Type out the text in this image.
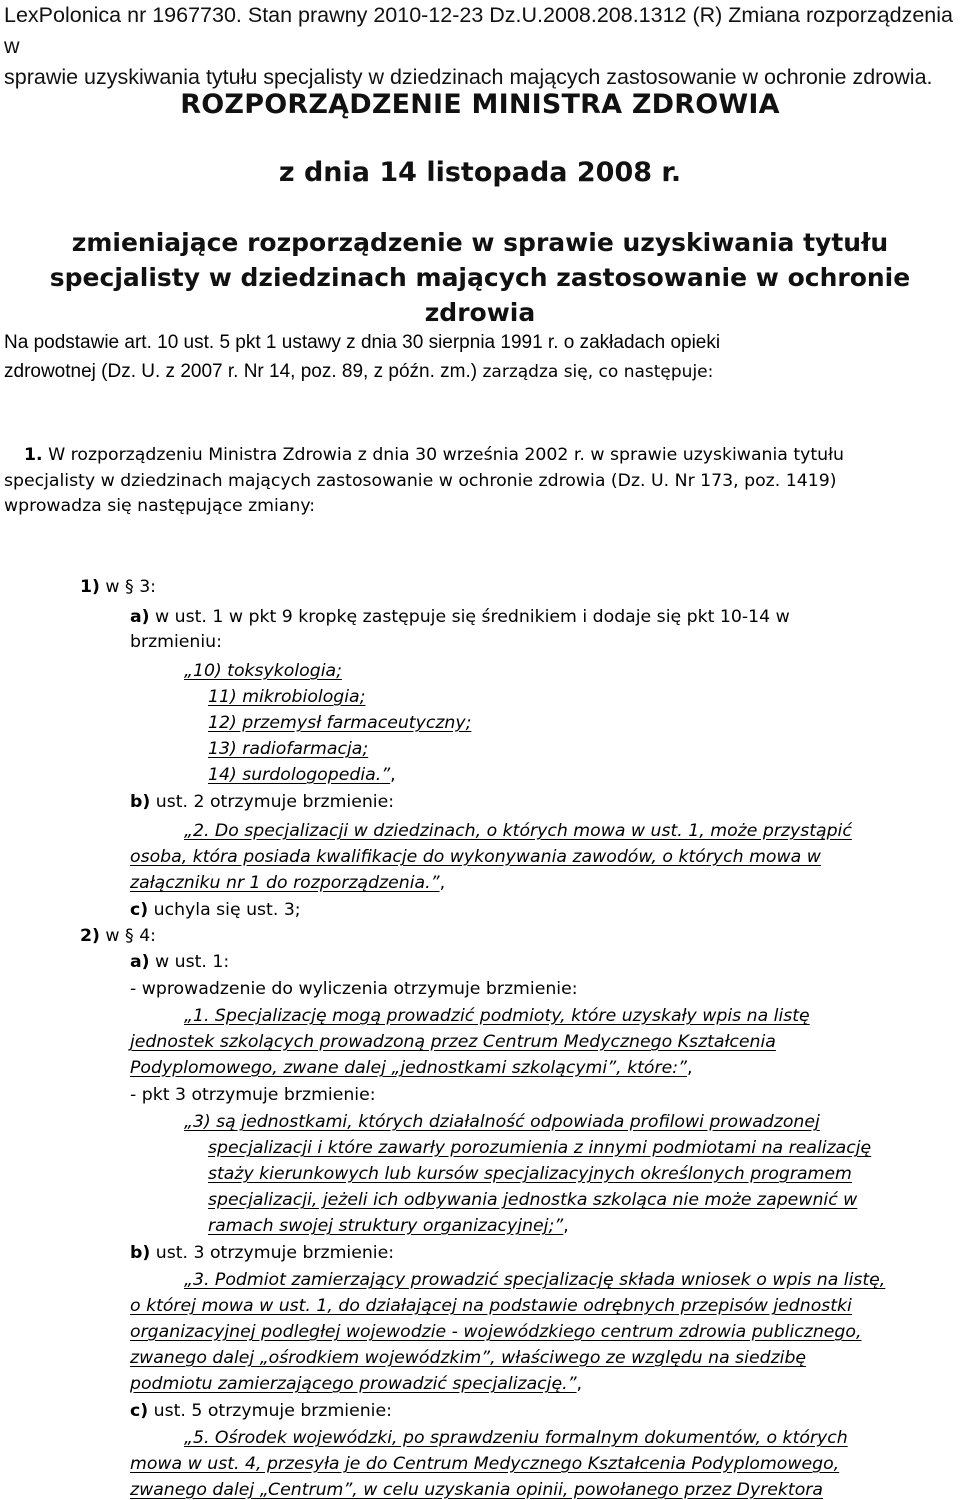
LexPolonica nr 1967730. Stan prawny 2010-12-23 Dz.U.2008.208.1312 (R) Zmiana rozporządzenia w
sprawie uzyskiwania tytułu specjalisty w dziedzinach mających zastosowanie w ochronie zdrowia.
ROZPORZĄDZENIE MINISTRA ZDROWIA
z dnia 14 listopada 2008 r.
zmieniające rozporządzenie w sprawie uzyskiwania tytułu
specjalisty w dziedzinach mających zastosowanie w ochronie
zdrowia
Na podstawie art. 10 ust. 5 pkt 1 ustawy z dnia 30 sierpnia 1991 r. o zakładach opieki
zdrowotnej (Dz. U. z 2007 r. Nr 14, poz. 89, z późn. zm.) zarządza się, co następuje:
1. W rozporządzeniu Ministra Zdrowia z dnia 30 września 2002 r. w sprawie uzyskiwania tytułu
specjalisty w dziedzinach mających zastosowanie w ochronie zdrowia (Dz. U. Nr 173, poz. 1419)
wprowadza się następujące zmiany:
1) w § 3:
a) w ust. 1 w pkt 9 kropkę zastępuje się średnikiem i dodaje się pkt 10-14 w
brzmieniu:
„10) toksykologia;
11) mikrobiologia;
12) przemysł farmaceutyczny;
13) radiofarmacja;
14) surdologopedia.”,
b) ust. 2 otrzymuje brzmienie:
„2. Do specjalizacji w dziedzinach, o których mowa w ust. 1, może przystąpić
osoba, która posiada kwalifikacje do wykonywania zawodów, o których mowa w
załączniku nr 1 do rozporządzenia.”,
c) uchyla się ust. 3;
2) w § 4:
a) w ust. 1:
- wprowadzenie do wyliczenia otrzymuje brzmienie:
„1. Specjalizację mogą prowadzić podmioty, które uzyskały wpis na listę
jednostek szkolących prowadzoną przez Centrum Medycznego Kształcenia
Podyplomowego, zwane dalej „jednostkami szkolącymi”, które:”,
- pkt 3 otrzymuje brzmienie:
„3) są jednostkami, których działalność odpowiada profilowi prowadzonej
specjalizacji i które zawarły porozumienia z innymi podmiotami na realizację
staży kierunkowych lub kursów specjalizacyjnych określonych programem
specjalizacji, jeżeli ich odbywania jednostka szkoląca nie może zapewnić w
ramach swojej struktury organizacyjnej;”,
b) ust. 3 otrzymuje brzmienie:
„3. Podmiot zamierzający prowadzić specjalizację składa wniosek o wpis na listę,
o której mowa w ust. 1, do działającej na podstawie odrębnych przepisów jednostki
organizacyjnej podległej wojewodzie - wojewódzkiego centrum zdrowia publicznego,
zwanego dalej „ośrodkiem wojewódzkim”, właściwego ze względu na siedzibę
podmiotu zamierzającego prowadzić specjalizację.”,
c) ust. 5 otrzymuje brzmienie:
„5. Ośrodek wojewódzki, po sprawdzeniu formalnym dokumentów, o których
mowa w ust. 4, przesyła je do Centrum Medycznego Kształcenia Podyplomowego,
zwanego dalej „Centrum”, w celu uzyskania opinii, powołanego przez Dyrektora
